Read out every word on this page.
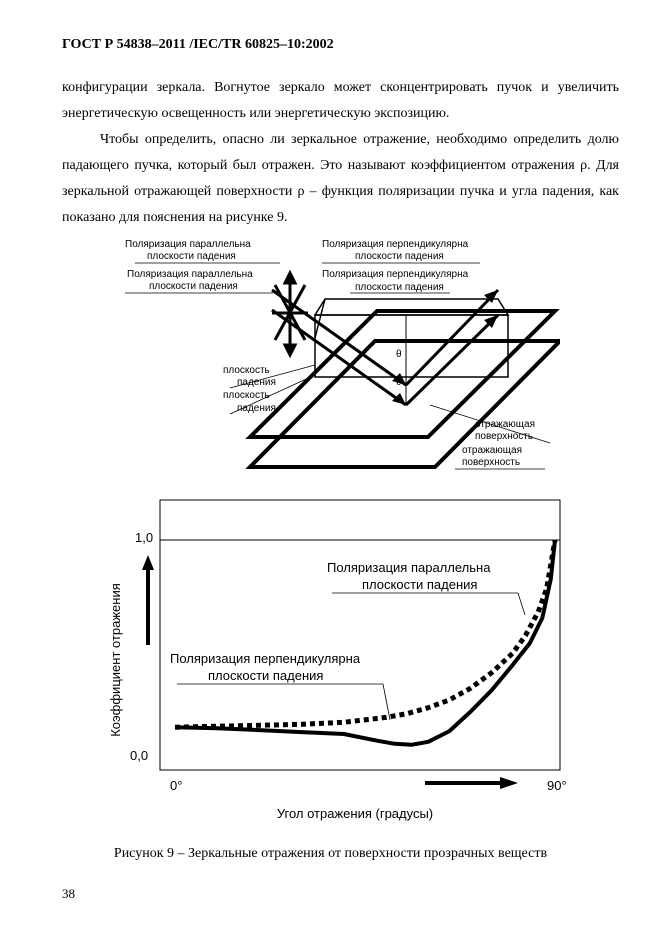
ГОСТ Р 54838–2011 /IEC/TR 60825–10:2002

конфигурации зеркала. Вогнутое зеркало может сконцентрировать пучок и увеличить энергетическую освещенность или энергетическую экспозицию.

Чтобы определить, опасно ли зеркальное отражение, необходимо определить долю падающего пучка, который был отражен. Это называют коэффициентом отражения ρ. Для зеркальной отражающей поверхности ρ – функция поляризации пучка и угла падения, как показано для пояснения на рисунке 9.

θ
θ
Поляризация параллельна
плоскости падения
Поляризация параллельна
плоскости падения
Поляризация перпендикулярна
плоскости падения
Поляризация перпендикулярна
плоскости падения
плоскость
падения
плоскость
падения
отражающая
поверхность
отражающая
поверхность
1,0
0,0
0°	90°
Коэффициент отражения
Угол отражения (градусы)
Поляризация параллельна
плоскости падения
Поляризация перпендикулярна
плоскости падения
Рисунок 9 – Зеркальные отражения от поверхности прозрачных веществ
38
